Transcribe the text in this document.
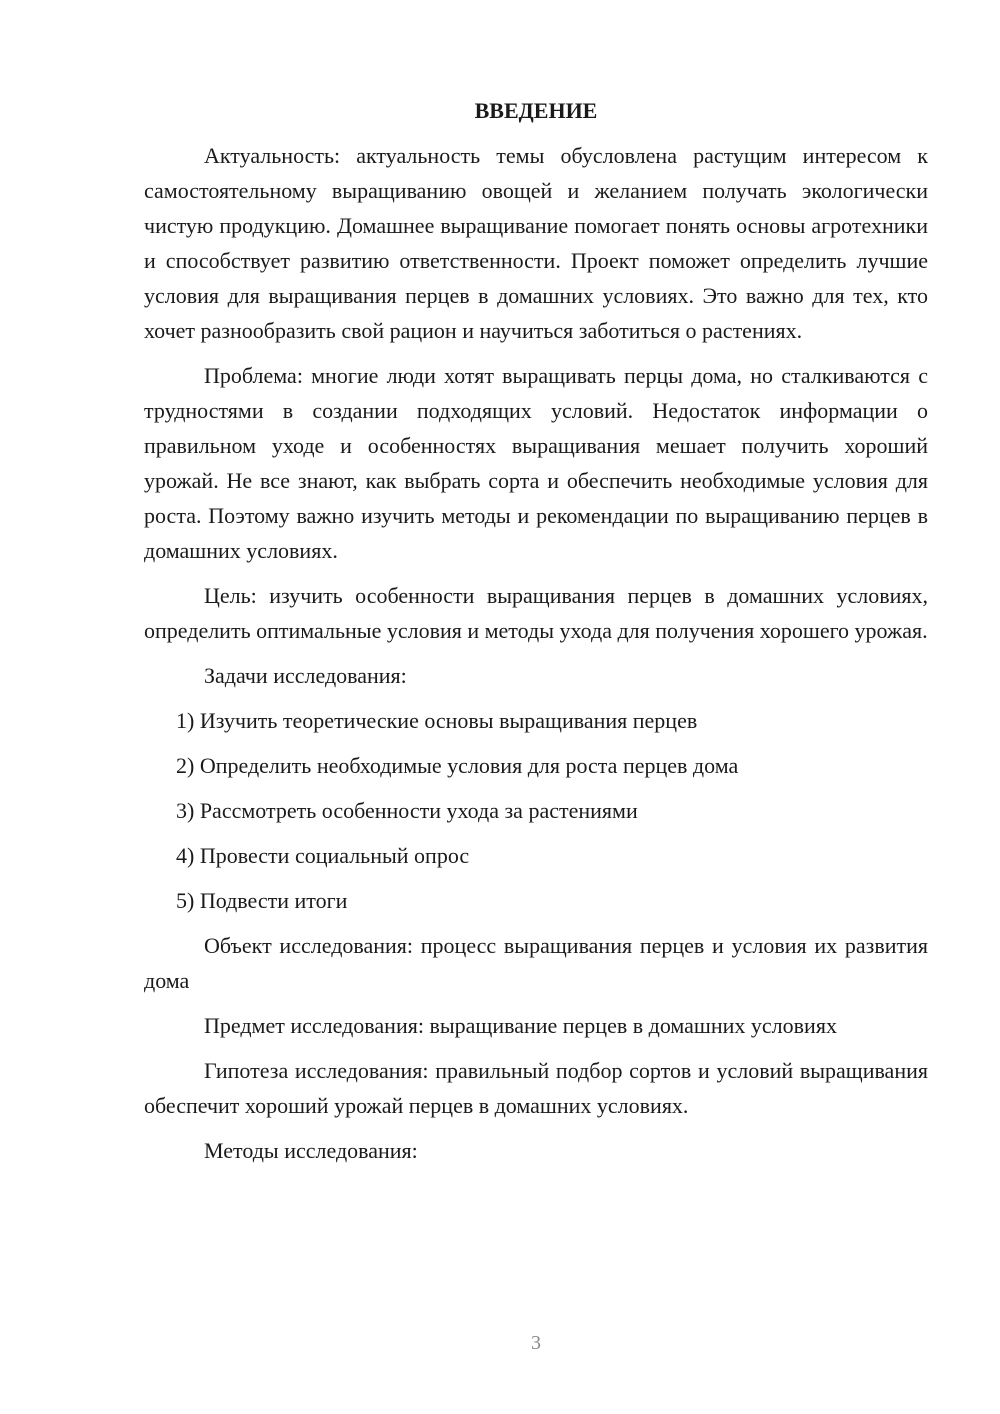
ВВЕДЕНИЕ

Актуальность: актуальность темы обусловлена растущим интересом к самостоятельному выращиванию овощей и желанием получать экологически чистую продукцию. Домашнее выращивание помогает понять основы агротехники и способствует развитию ответственности. Проект поможет определить лучшие условия для выращивания перцев в домашних условиях. Это важно для тех, кто хочет разнообразить свой рацион и научиться заботиться о растениях.

Проблема: многие люди хотят выращивать перцы дома, но сталкиваются с трудностями в создании подходящих условий. Недостаток информации о правильном уходе и особенностях выращивания мешает получить хороший урожай. Не все знают, как выбрать сорта и обеспечить необходимые условия для роста. Поэтому важно изучить методы и рекомендации по выращиванию перцев в домашних условиях.

Цель: изучить особенности выращивания перцев в домашних условиях, определить оптимальные условия и методы ухода для получения хорошего урожая.

Задачи исследования:

1) Изучить теоретические основы выращивания перцев
2) Определить необходимые условия для роста перцев дома
3) Рассмотреть особенности ухода за растениями
4) Провести социальный опрос
5) Подвести итоги

Объект исследования: процесс выращивания перцев и условия их развития дома

Предмет исследования: выращивание перцев в домашних условиях

Гипотеза исследования: правильный подбор сортов и условий выращивания обеспечит хороший урожай перцев в домашних условиях.

Методы исследования:

3
